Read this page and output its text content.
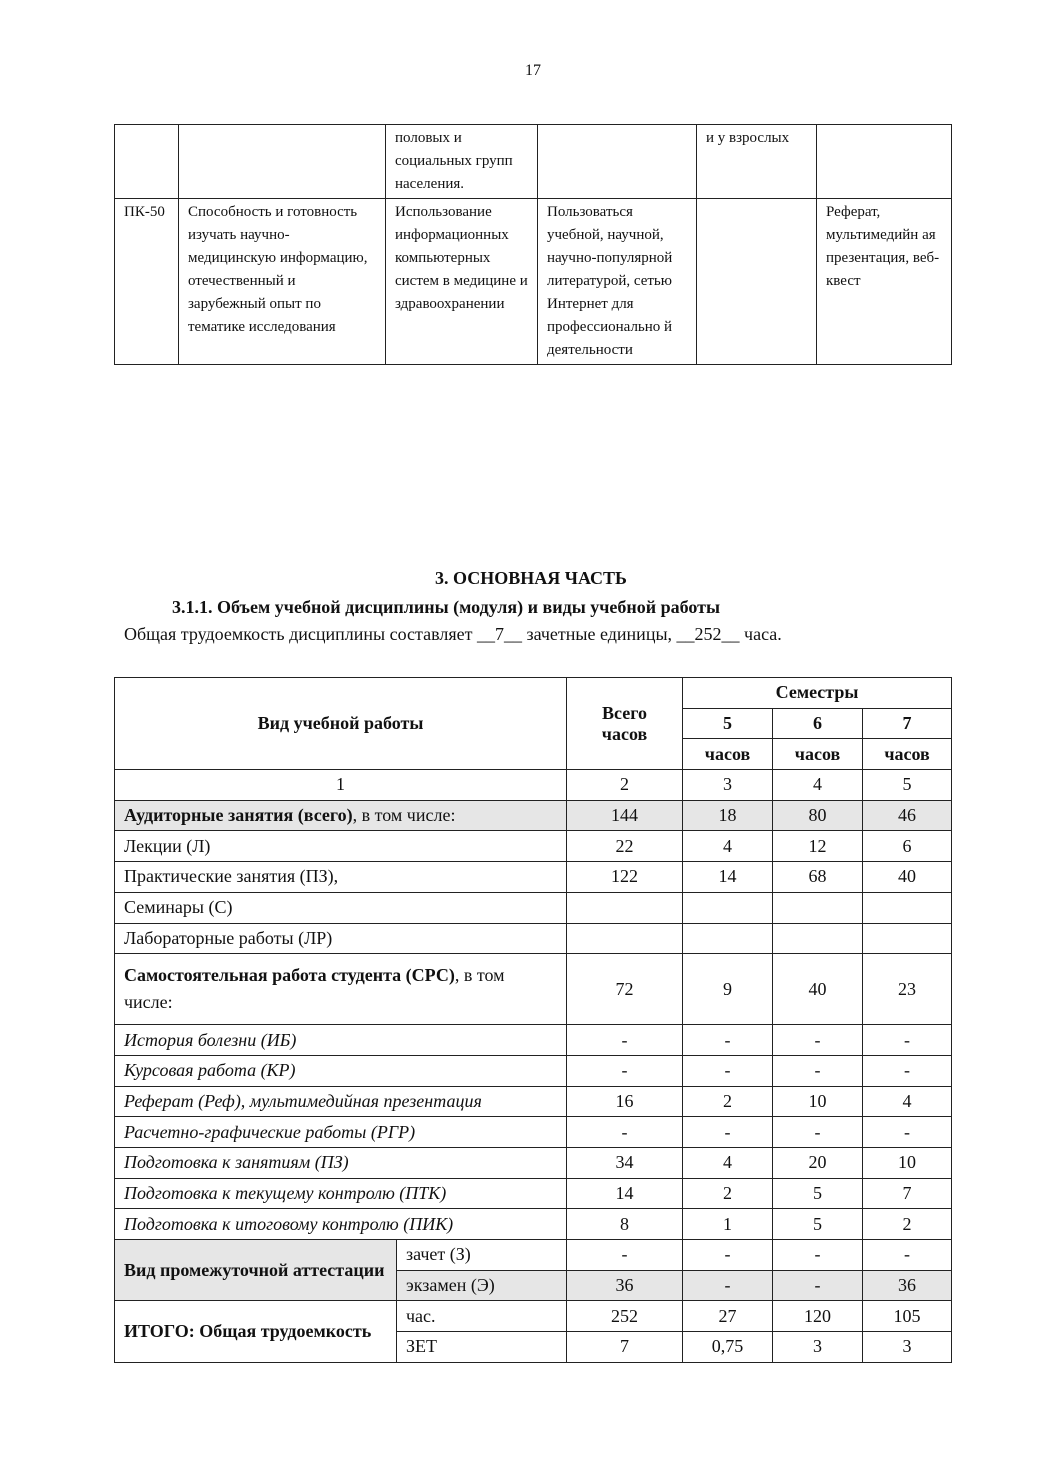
17
		половых и социальных групп населения.		и у взрослых	
ПК-50	Способность и готовность изучать научно-медицинскую информацию, отечественный и зарубежный опыт по тематике исследования	Использование информационных компьютерных систем в медицине и здравоохранении	Пользоваться учебной, научной, научно-популярной литературой, сетью Интернет для профессионально й деятельности		Реферат, мультимедийн ая презентация, веб-квест
3. ОСНОВНАЯ ЧАСТЬ
3.1.1. Объем учебной дисциплины (модуля) и виды учебной работы
Общая трудоемкость дисциплины составляет __7__ зачетные единицы, __252__ часа.
Вид учебной работы		Всего часов	Семестры		
			5	6	7
			часов	часов	часов
1		2	3	4	5
Аудиторные занятия (всего), в том числе:		144	18	80	46
Лекции (Л)		22	4	12	6
Практические занятия (ПЗ),		122	14	68	40
Семинары (С)					
Лабораторные работы (ЛР)					
Самостоятельная работа студента (СРС), в том числе:		72	9	40	23
История болезни (ИБ)		-	-	-	-
Курсовая работа (КР)		-	-	-	-
Реферат (Реф), мультимедийная презентация		16	2	10	4
Расчетно-графические работы (РГР)		-	-	-	-
Подготовка к занятиям (ПЗ)		34	4	20	10
Подготовка к текущему контролю (ПТК)		14	2	5	7
Подготовка к итоговому контролю (ПИК)		8	1	5	2
Вид промежуточной аттестации	зачет (З)	-	-	-	-
	экзамен (Э)	36	-	-	36
ИТОГО: Общая трудоемкость	час.	252	27	120	105
	ЗЕТ	7	0,75	3	3
